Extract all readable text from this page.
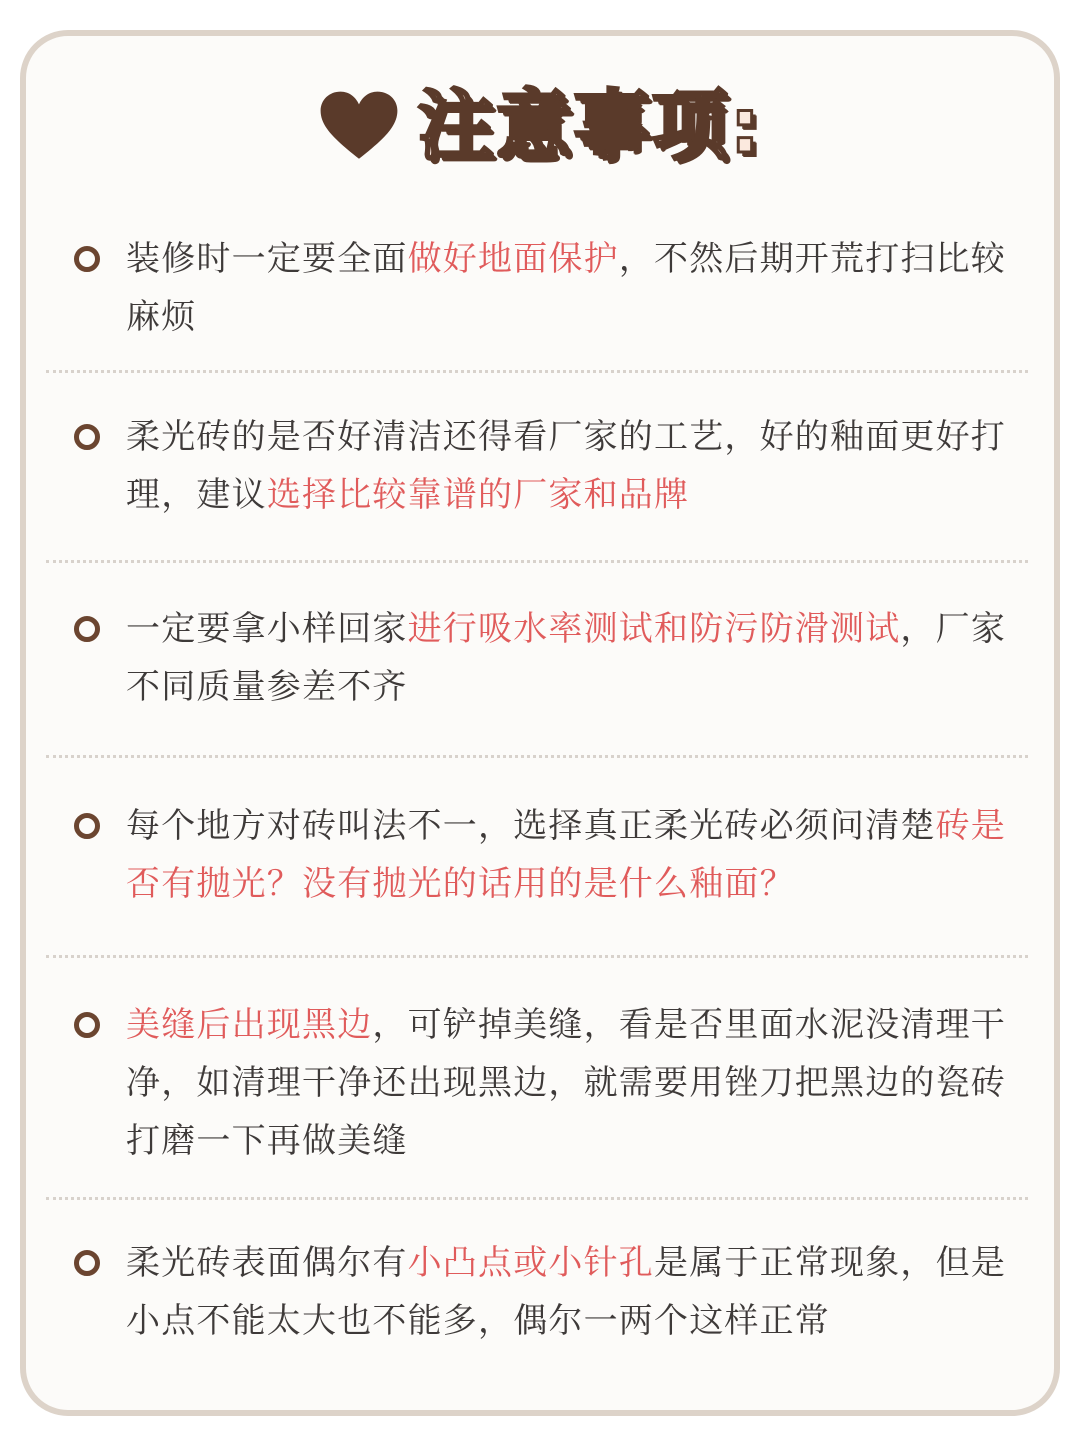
注意事项:
装修时一定要全面做好地面保护，不然后期开荒打扫比较麻烦
柔光砖的是否好清洁还得看厂家的工艺，好的釉面更好打理，建议选择比较靠谱的厂家和品牌
一定要拿小样回家进行吸水率测试和防污防滑测试，厂家不同质量参差不齐
每个地方对砖叫法不一，选择真正柔光砖必须问清楚砖是否有抛光？没有抛光的话用的是什么釉面？
美缝后出现黑边，可铲掉美缝，看是否里面水泥没清理干净，如清理干净还出现黑边，就需要用锉刀把黑边的瓷砖打磨一下再做美缝
柔光砖表面偶尔有小凸点或小针孔是属于正常现象，但是小点不能太大也不能多，偶尔一两个这样正常
